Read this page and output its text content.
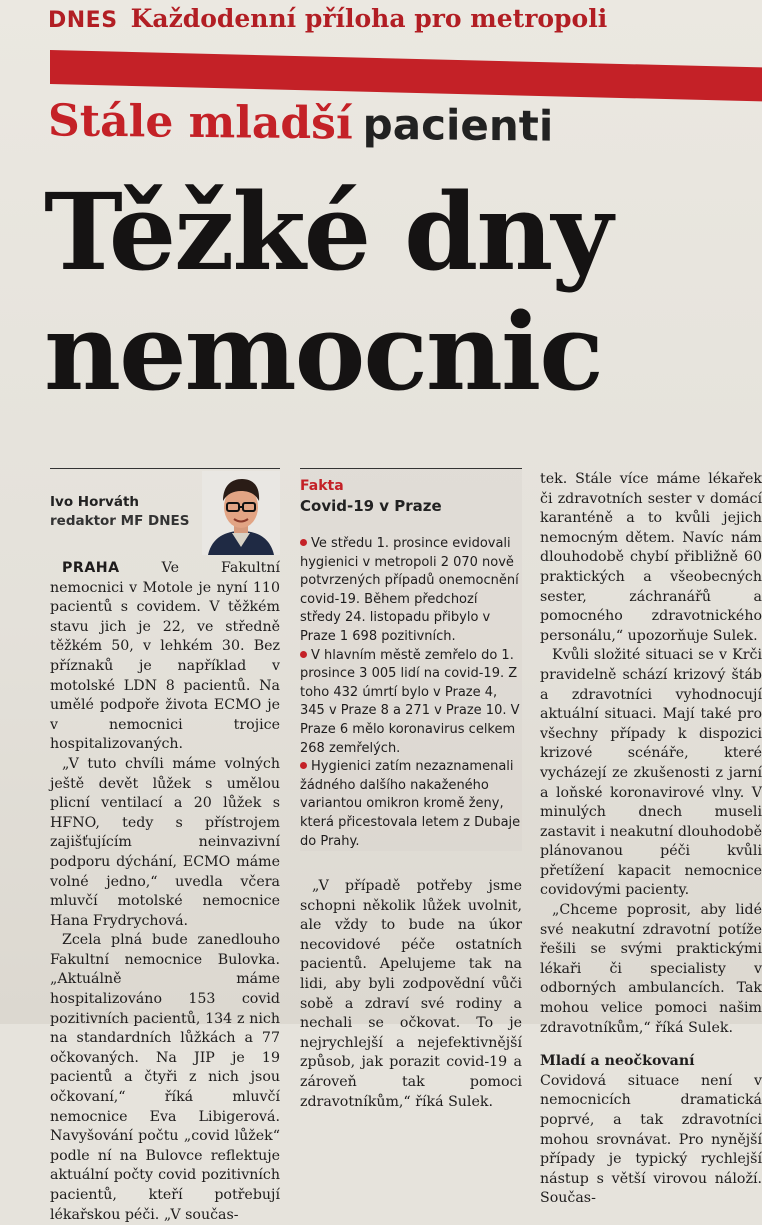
DNES Každodenní příloha pro metropoli
Stále mladší pacienti
Těžké dny
nemocnic
Ivo Horváth
redaktor MF DNES

PRAHA	Ve Fakultní nemocnici v Motole je nyní 110 pacientů s covidem. V těžkém stavu jich je 22, ve středně těžkém 50, v lehkém 30. Bez příznaků je například v motolské LDN 8 pacientů. Na umělé podpoře života ECMO je v nemocnici trojice hospitalizovaných.

„V tuto chvíli máme volných ještě devět lůžek s umělou plicní ventilací a 20 lůžek s HFNO, tedy s přístrojem zajišťujícím neinvazivní podporu dýchání, ECMO máme volné jedno,“ uvedla včera mluvčí motolské nemocnice Hana Frydrychová.

Zcela plná bude zanedlouho Fakultní nemocnice Bulovka. „Aktuálně máme hospitalizováno 153 covid pozitivních pacientů, 134 z nich na standardních lůžkách a 77 očkovaných. Na JIP je 19 pacientů a čtyři z nich jsou očkovaní,“ říká mluvčí nemocnice Eva Libigerová. Navyšování počtu „covid lůžek“ podle ní na Bulovce reflektuje aktuální počty covid pozitivních pacientů, kteří potřebují lékařskou péči. „V součas-

Fakta
Covid-19 v Praze
Ve středu 1. prosince evidovali hygienici v metropoli 2 070 nově potvrzených případů onemocnění covid-19. Během předchozí středy 24. listopadu přibylo v Praze 1 698 pozitivních.
V hlavním městě zemřelo do 1. prosince 3 005 lidí na covid-19. Z toho 432 úmrtí bylo v Praze 4, 345 v Praze 8 a 271 v Praze 10. V Praze 6 mělo koronavirus celkem 268 zemřelých.
Hygienici zatím nezaznamenali žádného dalšího nakaženého variantou omikron kromě ženy, která přicestovala letem z Dubaje do Prahy.

„V případě potřeby jsme schopni několik lůžek uvolnit, ale vždy to bude na úkor necovidové péče ostatních pacientů. Apelujeme tak na lidi, aby byli zodpovědní vůči sobě a zdraví své rodiny a nechali se očkovat. To je nejrychlejší a nejefektivnější způsob, jak porazit covid-19 a zároveň tak pomoci zdravotníkům,“ říká Sulek.

tek. Stále více máme lékařek či zdravotních sester v domácí karanténě a to kvůli jejich nemocným dětem. Navíc nám dlouhodobě chybí přibližně 60 praktických a všeobecných sester, záchranářů a pomocného zdravotnického personálu,“ upozorňuje Sulek.

Kvůli složité situaci se v Krči pravidelně schází krizový štáb a zdravotníci vyhodnocují aktuální situaci. Mají také pro všechny případy k dispozici krizové scénáře, které vycházejí ze zkušenosti z jarní a loňské koronavirové vlny. V minulých dnech museli zastavit i neakutní dlouhodobě plánovanou péči kvůli přetížení kapacit nemocnice covidovými pacienty.

„Chceme poprosit, aby lidé své neakutní zdravotní potíže řešili se svými praktickými lékaři či specialisty v odborných ambulancích. Tak mohou velice pomoci našim zdravotníkům,“ říká Sulek.

Mladí a neočkovaní

Covidová situace není v nemocnicích dramatická poprvé, a tak zdravotníci mohou srovnávat. Pro nynější případy je typický rychlejší nástup s větší virovou náloží. Součas-
